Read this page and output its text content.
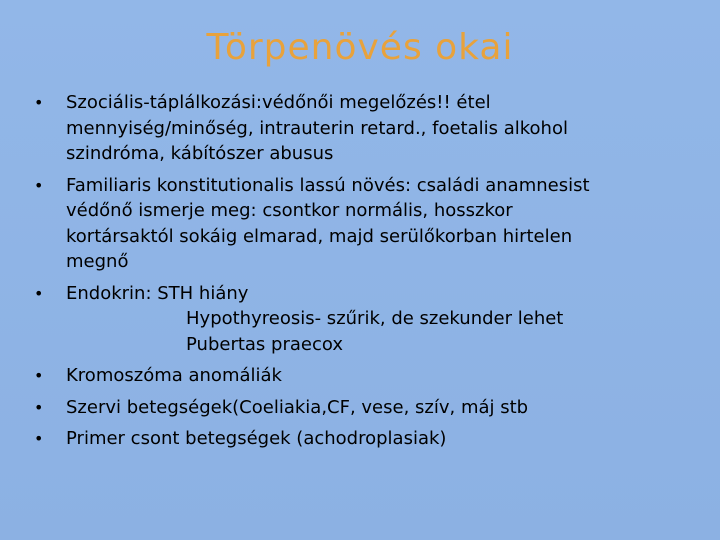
Törpenövés okai
• Szociális-táplálkozási:védőnői megelőzés!! étel
mennyiség/minőség, intrauterin retard., foetalis alkohol
szindróma, kábítószer abusus
• Familiaris konstitutionalis lassú növés: családi anamnesist
védőnő ismerje meg: csontkor normális, hosszkor
kortársaktól sokáig elmarad, majd serülőkorban hirtelen
megnő
• Endokrin: STH hiány
Hypothyreosis- szűrik, de szekunder lehet
Pubertas praecox
• Kromoszóma anomáliák
• Szervi betegségek(Coeliakia,CF, vese, szív, máj stb
• Primer csont betegségek (achodroplasiak)
